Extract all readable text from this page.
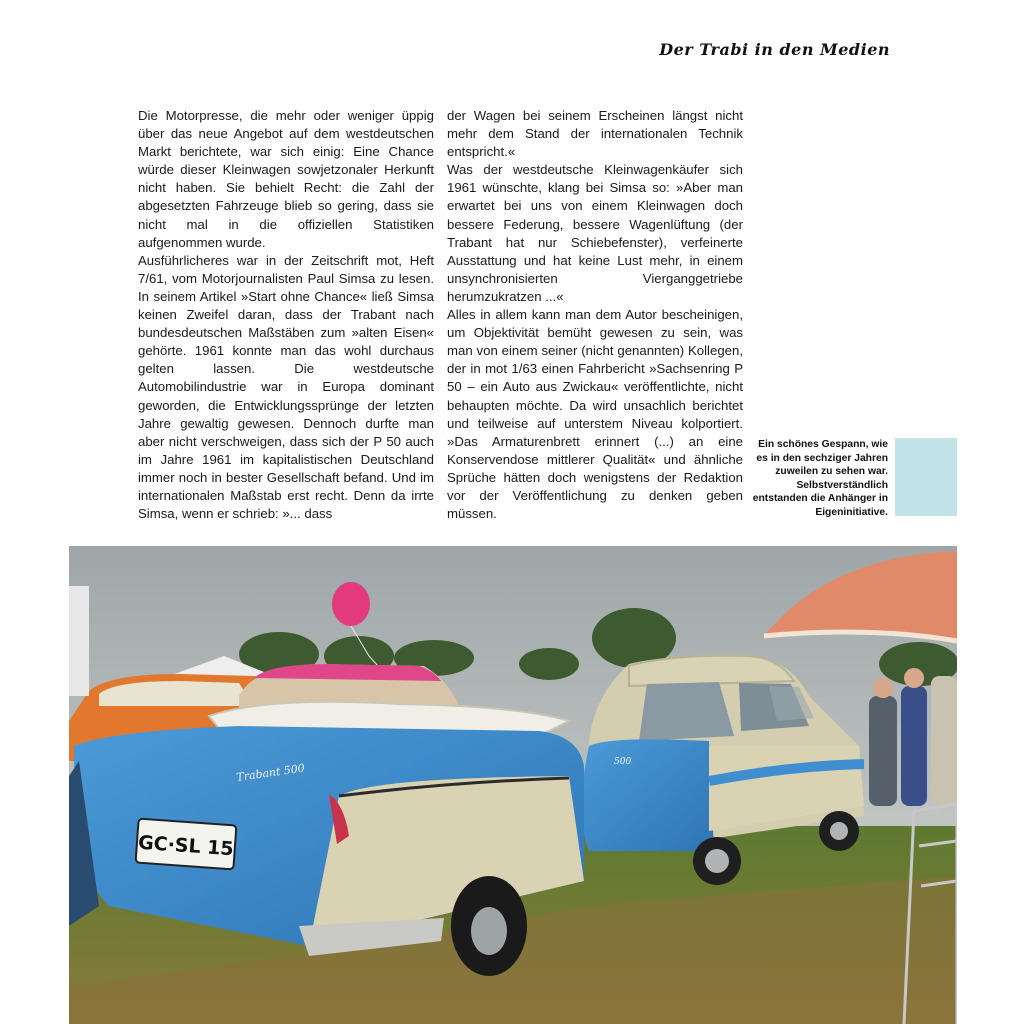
Der Trabi in den Medien

Die Motorpresse, die mehr oder weniger üppig über das neue Angebot auf dem westdeutschen Markt berichtete, war sich einig: Eine Chance würde dieser Kleinwagen sowjetzonaler Herkunft nicht haben. Sie behielt Recht: die Zahl der abgesetzten Fahrzeuge blieb so gering, dass sie nicht mal in die offiziellen Statistiken aufgenommen wurde.

Ausführlicheres war in der Zeitschrift mot, Heft 7/61, vom Motorjournalisten Paul Simsa zu lesen. In seinem Artikel »Start ohne Chance« ließ Simsa keinen Zweifel daran, dass der Trabant nach bundesdeutschen Maßstäben zum »alten Eisen« gehörte. 1961 konnte man das wohl durchaus gelten lassen. Die westdeutsche Automobilindustrie war in Europa dominant geworden, die Entwicklungssprünge der letzten Jahre gewaltig gewesen. Dennoch durfte man aber nicht verschweigen, dass sich der P 50 auch im Jahre 1961 im kapitalistischen Deutschland immer noch in bester Gesellschaft befand. Und im internationalen Maßstab erst recht. Denn da irrte Simsa, wenn er schrieb: »... dass

der Wagen bei seinem Erscheinen längst nicht mehr dem Stand der internationalen Technik entspricht.«

Was der westdeutsche Kleinwagenkäufer sich 1961 wünschte, klang bei Simsa so: »Aber man erwartet bei uns von einem Kleinwagen doch bessere Federung, bessere Wagenlüftung (der Trabant hat nur Schiebefenster), verfeinerte Ausstattung und hat keine Lust mehr, in einem unsynchronisierten Vierganggetriebe herumzukratzen ...«

Alles in allem kann man dem Autor bescheinigen, um Objektivität bemüht gewesen zu sein, was man von einem seiner (nicht genannten) Kollegen, der in mot 1/63 einen Fahrbericht »Sachsenring P 50 – ein Auto aus Zwickau« veröffentlichte, nicht behaupten möchte. Da wird unsachlich berichtet und teilweise auf unterstem Niveau kolportiert. »Das Armaturenbrett erinnert (...) an eine Konservendose mittlerer Qualität« und ähnliche Sprüche hätten doch wenigstens der Redaktion vor der Veröffentlichung zu denken geben müssen.

Ein schönes Gespann, wie es in den sechziger Jahren zuweilen zu sehen war. Selbstverständlich entstanden die Anhänger in Eigeninitiative.
500
GC·SL 15
Trabant 500
